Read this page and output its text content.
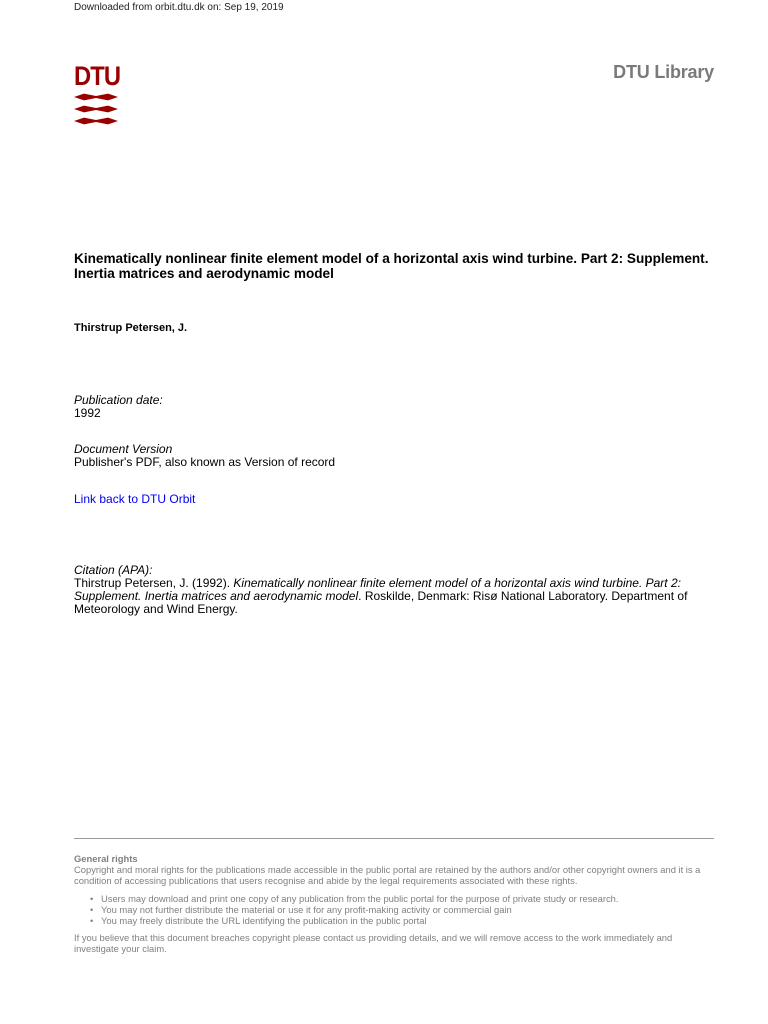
Downloaded from orbit.dtu.dk on: Sep 19, 2019
DTU	DTU Library
Kinematically nonlinear finite element model of a horizontal axis wind turbine. Part 2: Supplement. Inertia matrices and aerodynamic model
Thirstrup Petersen, J.
Publication date:
1992
Document Version
Publisher's PDF, also known as Version of record
Link back to DTU Orbit
Citation (APA):
Thirstrup Petersen, J. (1992). Kinematically nonlinear finite element model of a horizontal axis wind turbine. Part 2: Supplement. Inertia matrices and aerodynamic model. Roskilde, Denmark: Risø National Laboratory. Department of Meteorology and Wind Energy.
General rights
Copyright and moral rights for the publications made accessible in the public portal are retained by the authors and/or other copyright owners and it is a condition of accessing publications that users recognise and abide by the legal requirements associated with these rights.
• Users may download and print one copy of any publication from the public portal for the purpose of private study or research.
• You may not further distribute the material or use it for any profit-making activity or commercial gain
• You may freely distribute the URL identifying the publication in the public portal
If you believe that this document breaches copyright please contact us providing details, and we will remove access to the work immediately and investigate your claim.
